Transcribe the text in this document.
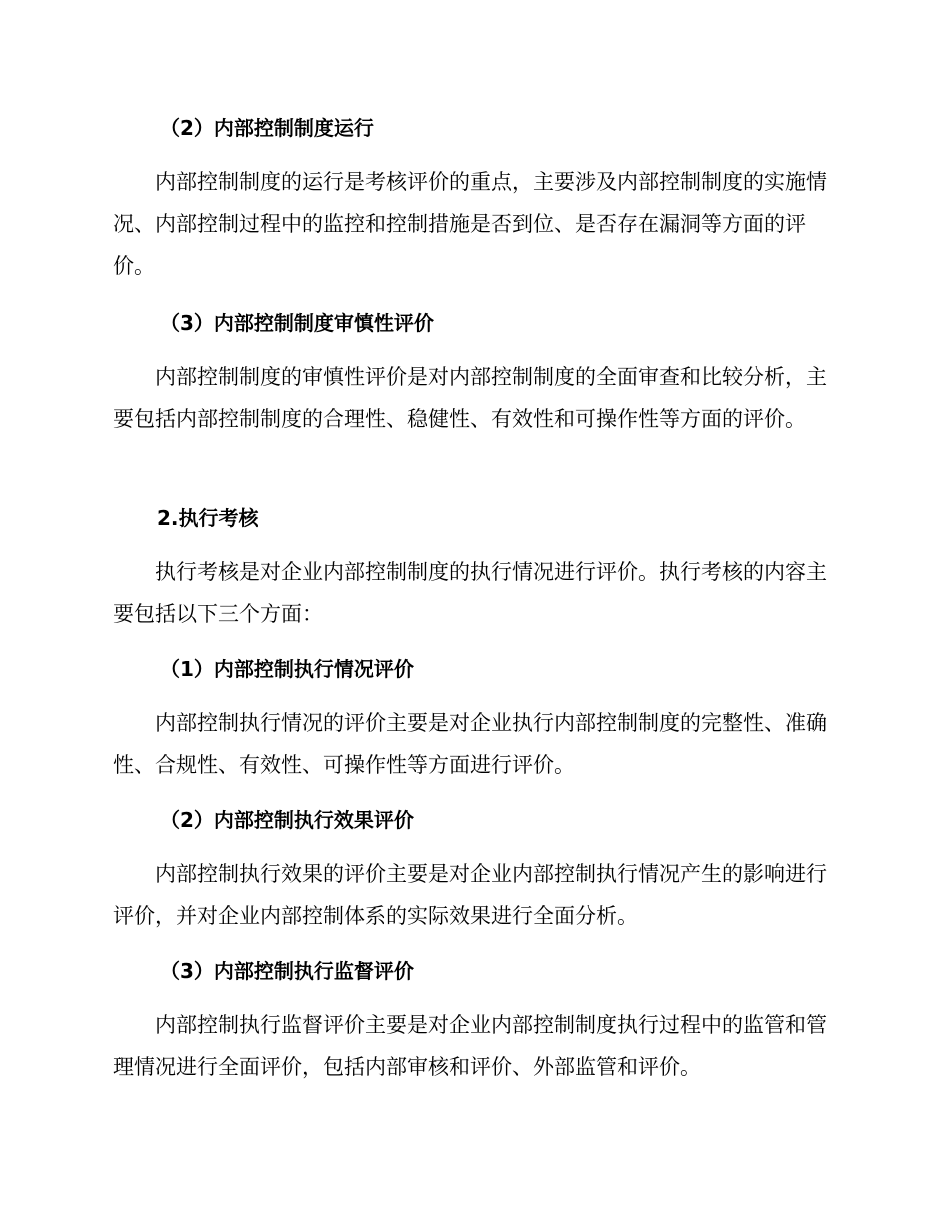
（2）内部控制制度运行

内部控制制度的运行是考核评价的重点，主要涉及内部控制制度的实施情况、内部控制过程中的监控和控制措施是否到位、是否存在漏洞等方面的评价。

（3）内部控制制度审慎性评价

内部控制制度的审慎性评价是对内部控制制度的全面审查和比较分析，主要包括内部控制制度的合理性、稳健性、有效性和可操作性等方面的评价。

2.执行考核

执行考核是对企业内部控制制度的执行情况进行评价。执行考核的内容主要包括以下三个方面：

（1）内部控制执行情况评价

内部控制执行情况的评价主要是对企业执行内部控制制度的完整性、准确性、合规性、有效性、可操作性等方面进行评价。

（2）内部控制执行效果评价

内部控制执行效果的评价主要是对企业内部控制执行情况产生的影响进行评价，并对企业内部控制体系的实际效果进行全面分析。

（3）内部控制执行监督评价

内部控制执行监督评价主要是对企业内部控制制度执行过程中的监管和管理情况进行全面评价，包括内部审核和评价、外部监管和评价。
